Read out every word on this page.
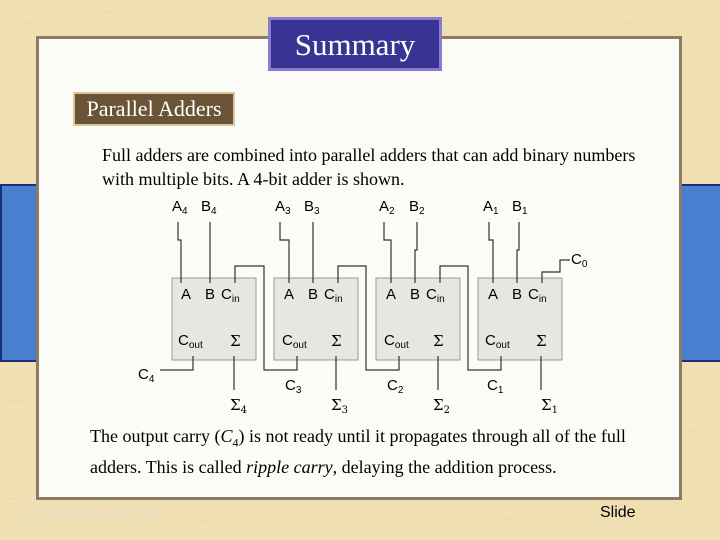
Summary
Parallel Adders
Full adders are combined into parallel adders that can add binary numbers with multiple bits. A 4-bit adder is shown.
$A_4$ $B_4$	$A_3$ $B_3$	$A_2$ $B_2$	$A_1$ $B_1$
$C_0$
A B $C_{in}$
$C_{out}$ Σ
A B $C_{in}$
$C_{out}$ Σ
A B $C_{in}$
$C_{out}$ Σ
A B $C_{in}$
$C_{out}$ Σ
$C_4$	$C_3$	$C_2$	$C_1$
$\Sigma_4$	$\Sigma_3$	$\Sigma_2$	$\Sigma_1$
The output carry $(C_4)$ is not ready until it propagates through all of the full adders. This is called ripple carry, delaying the addition process.
Floyd, Digital Fundamentals, 10th ed	Slide
